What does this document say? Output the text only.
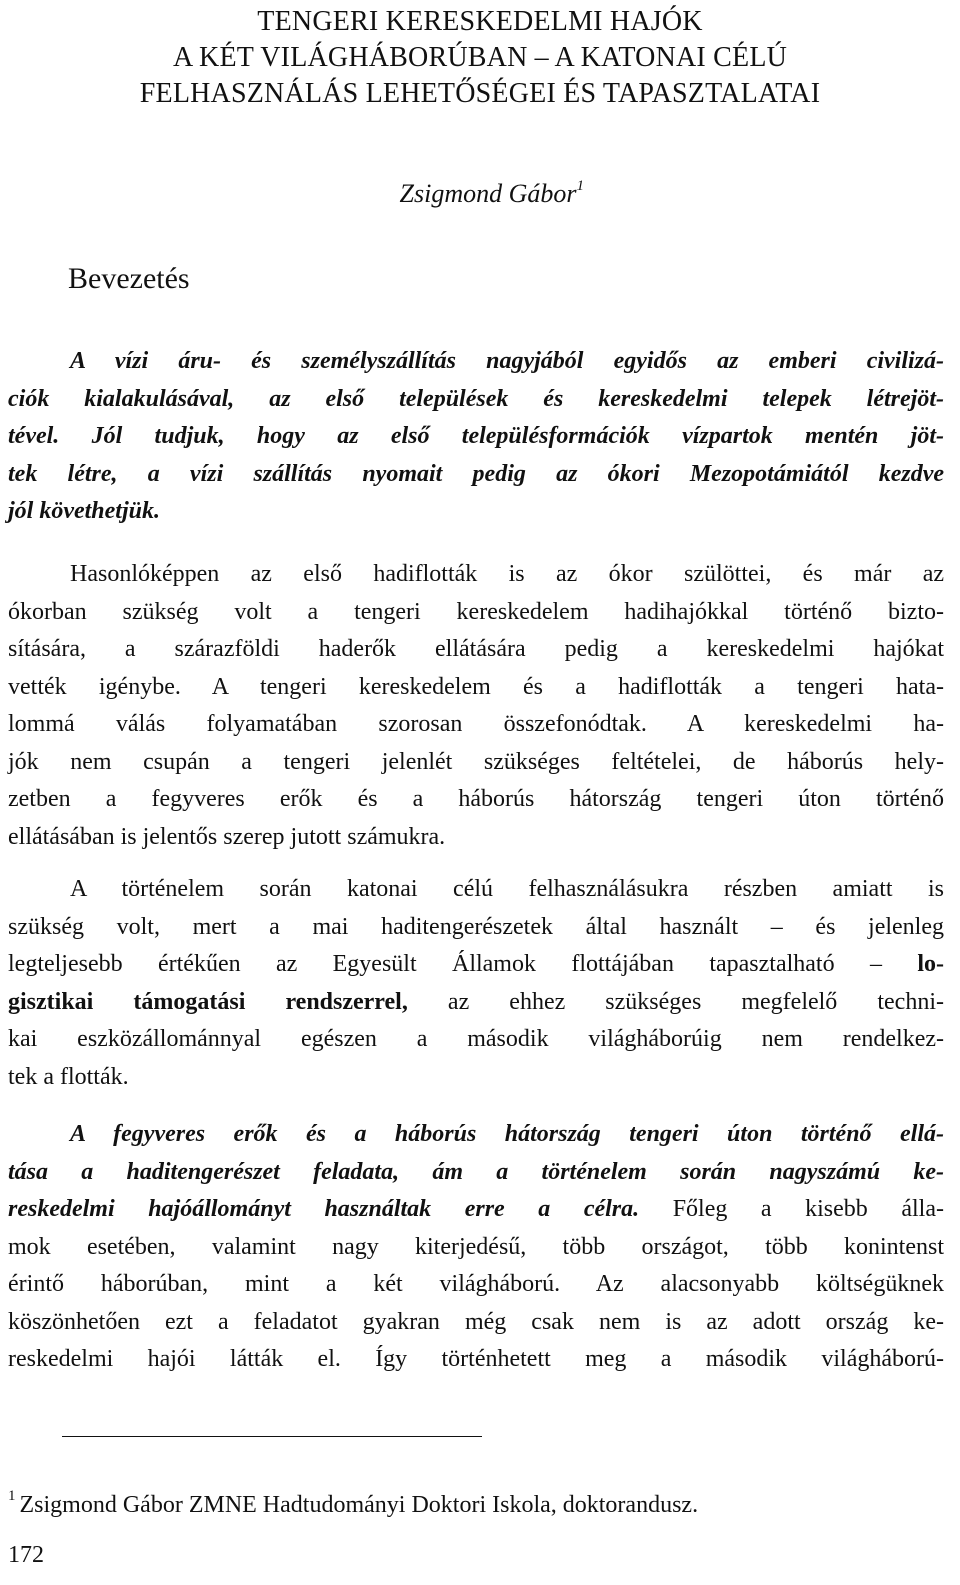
TENGERI KERESKEDELMI HAJÓK
A KÉT VILÁGHÁBORÚBAN – A KATONAI CÉLÚ
FELHASZNÁLÁS LEHETŐSÉGEI ÉS TAPASZTALATAI
Zsigmond Gábor$^1$
Bevezetés
A vízi áru- és személyszállítás nagyjából egyidős az emberi civilizá-
ciók kialakulásával, az első települések és kereskedelmi telepek létrejöt-
tével. Jól tudjuk, hogy az első településformációk vízpartok mentén jöt-
tek létre, a vízi szállítás nyomait pedig az ókori Mezopotámiától kezdve
jól követhetjük.
Hasonlóképpen az első hadiflották is az ókor szülöttei, és már az
ókorban szükség volt a tengeri kereskedelem hadihajókkal történő bizto-
sítására, a szárazföldi haderők ellátására pedig a kereskedelmi hajókat
vették igénybe. A tengeri kereskedelem és a hadiflották a tengeri hata-
lommá válás folyamatában szorosan összefonódtak. A kereskedelmi ha-
jók nem csupán a tengeri jelenlét szükséges feltételei, de háborús hely-
zetben a fegyveres erők és a háborús hátország tengeri úton történő
ellátásában is jelentős szerep jutott számukra.
A történelem során katonai célú felhasználásukra részben amiatt is
szükség volt, mert a mai haditengerészetek által használt – és jelenleg
legteljesebb értékűen az Egyesült Államok flottájában tapasztalható – lo-
gisztikai támogatási rendszerrel, az ehhez szükséges megfelelő techni-
kai eszközállománnyal egészen a második világháborúig nem rendelkez-
tek a flották.
A fegyveres erők és a háborús hátország tengeri úton történő ellá-
tása a haditengerészet feladata, ám a történelem során nagyszámú ke-
reskedelmi hajóállományt használtak erre a célra. Főleg a kisebb álla-
mok esetében, valamint nagy kiterjedésű, több országot, több konintenst
érintő háborúban, mint a két világháború. Az alacsonyabb költségüknek
köszönhetően ezt a feladatot gyakran még csak nem is az adott ország ke-
reskedelmi hajói látták el. Így történhetett meg a második világháború-
$^1$ Zsigmond Gábor ZMNE Hadtudományi Doktori Iskola, doktorandusz.
172
